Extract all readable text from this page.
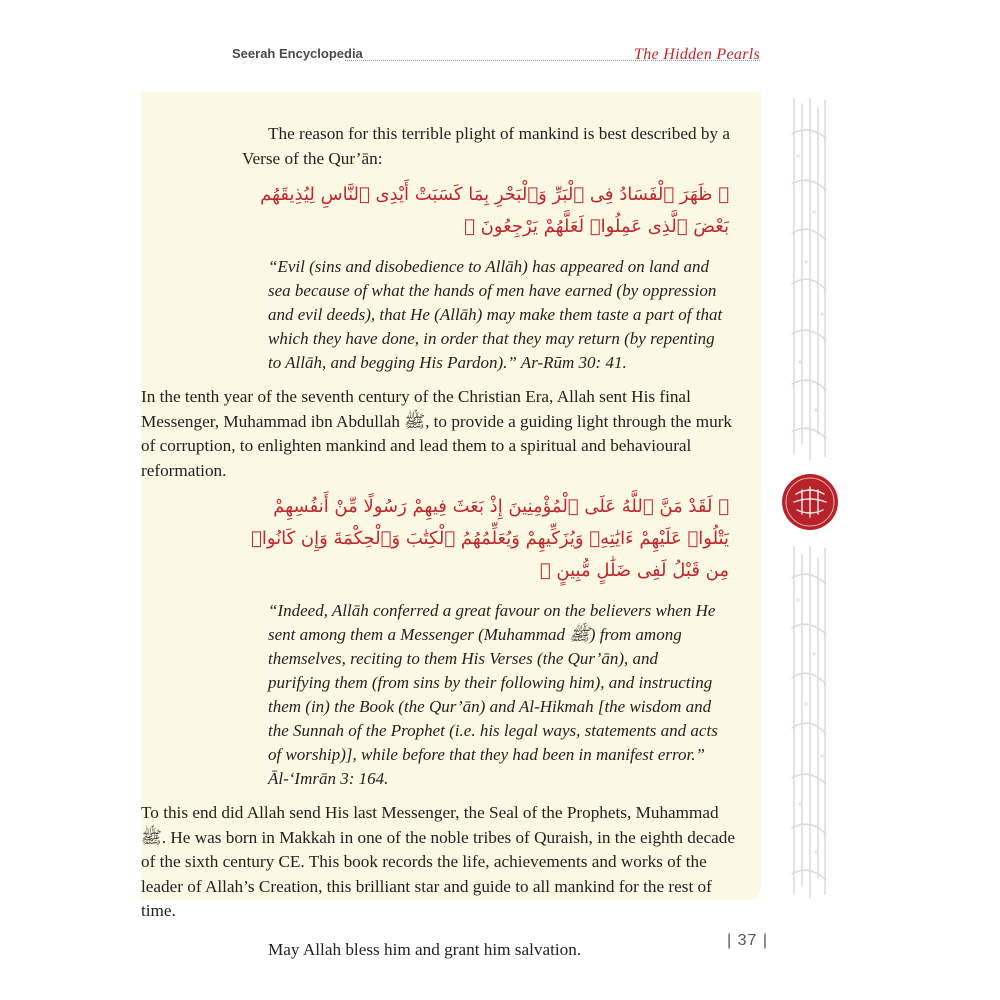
Seerah Encyclopedia	The Hidden Pearls

The reason for this terrible plight of mankind is best described by a Verse of the Qur’ān:

﴿ ظَهَرَ ٱلْفَسَادُ فِى ٱلْبَرِّ وَٱلْبَحْرِ بِمَا كَسَبَتْ أَيْدِى ٱلنَّاسِ لِيُذِيقَهُم بَعْضَ ٱلَّذِى عَمِلُوا۟ لَعَلَّهُمْ يَرْجِعُونَ ﴾

“Evil (sins and disobedience to Allāh) has appeared on land and sea because of what the hands of men have earned (by oppression and evil deeds), that He (Allāh) may make them taste a part of that which they have done, in order that they may return (by repenting to Allāh, and begging His Pardon).” Ar-Rūm 30: 41.

In the tenth year of the seventh century of the Christian Era, Allah sent His final Messenger, Muhammad ibn Abdullah ﷺ, to provide a guiding light through the murk of corruption, to enlighten mankind and lead them to a spiritual and behavioural reformation.

﴿ لَقَدْ مَنَّ ٱللَّهُ عَلَى ٱلْمُؤْمِنِينَ إِذْ بَعَثَ فِيهِمْ رَسُولًا مِّنْ أَنفُسِهِمْ يَتْلُوا۟ عَلَيْهِمْ ءَايَٰتِهِۦ وَيُزَكِّيهِمْ وَيُعَلِّمُهُمُ ٱلْكِتَٰبَ وَٱلْحِكْمَةَ وَإِن كَانُوا۟ مِن قَبْلُ لَفِى ضَلَٰلٍ مُّبِينٍ ﴾

“Indeed, Allāh conferred a great favour on the believers when He sent among them a Messenger (Muhammad ﷺ) from among themselves, reciting to them His Verses (the Qur’ān), and purifying them (from sins by their following him), and instructing them (in) the Book (the Qur’ān) and Al-Hikmah [the wisdom and the Sunnah of the Prophet (i.e. his legal ways, statements and acts of worship)], while before that they had been in manifest error.” Āl-‘Imrān 3: 164.

To this end did Allah send His last Messenger, the Seal of the Prophets, Muhammad ﷺ. He was born in Makkah in one of the noble tribes of Quraish, in the eighth decade of the sixth century CE. This book records the life, achievements and works of the leader of Allah’s Creation, this brilliant star and guide to all mankind for the rest of time.

May Allah bless him and grant him salvation.	| 37 |
